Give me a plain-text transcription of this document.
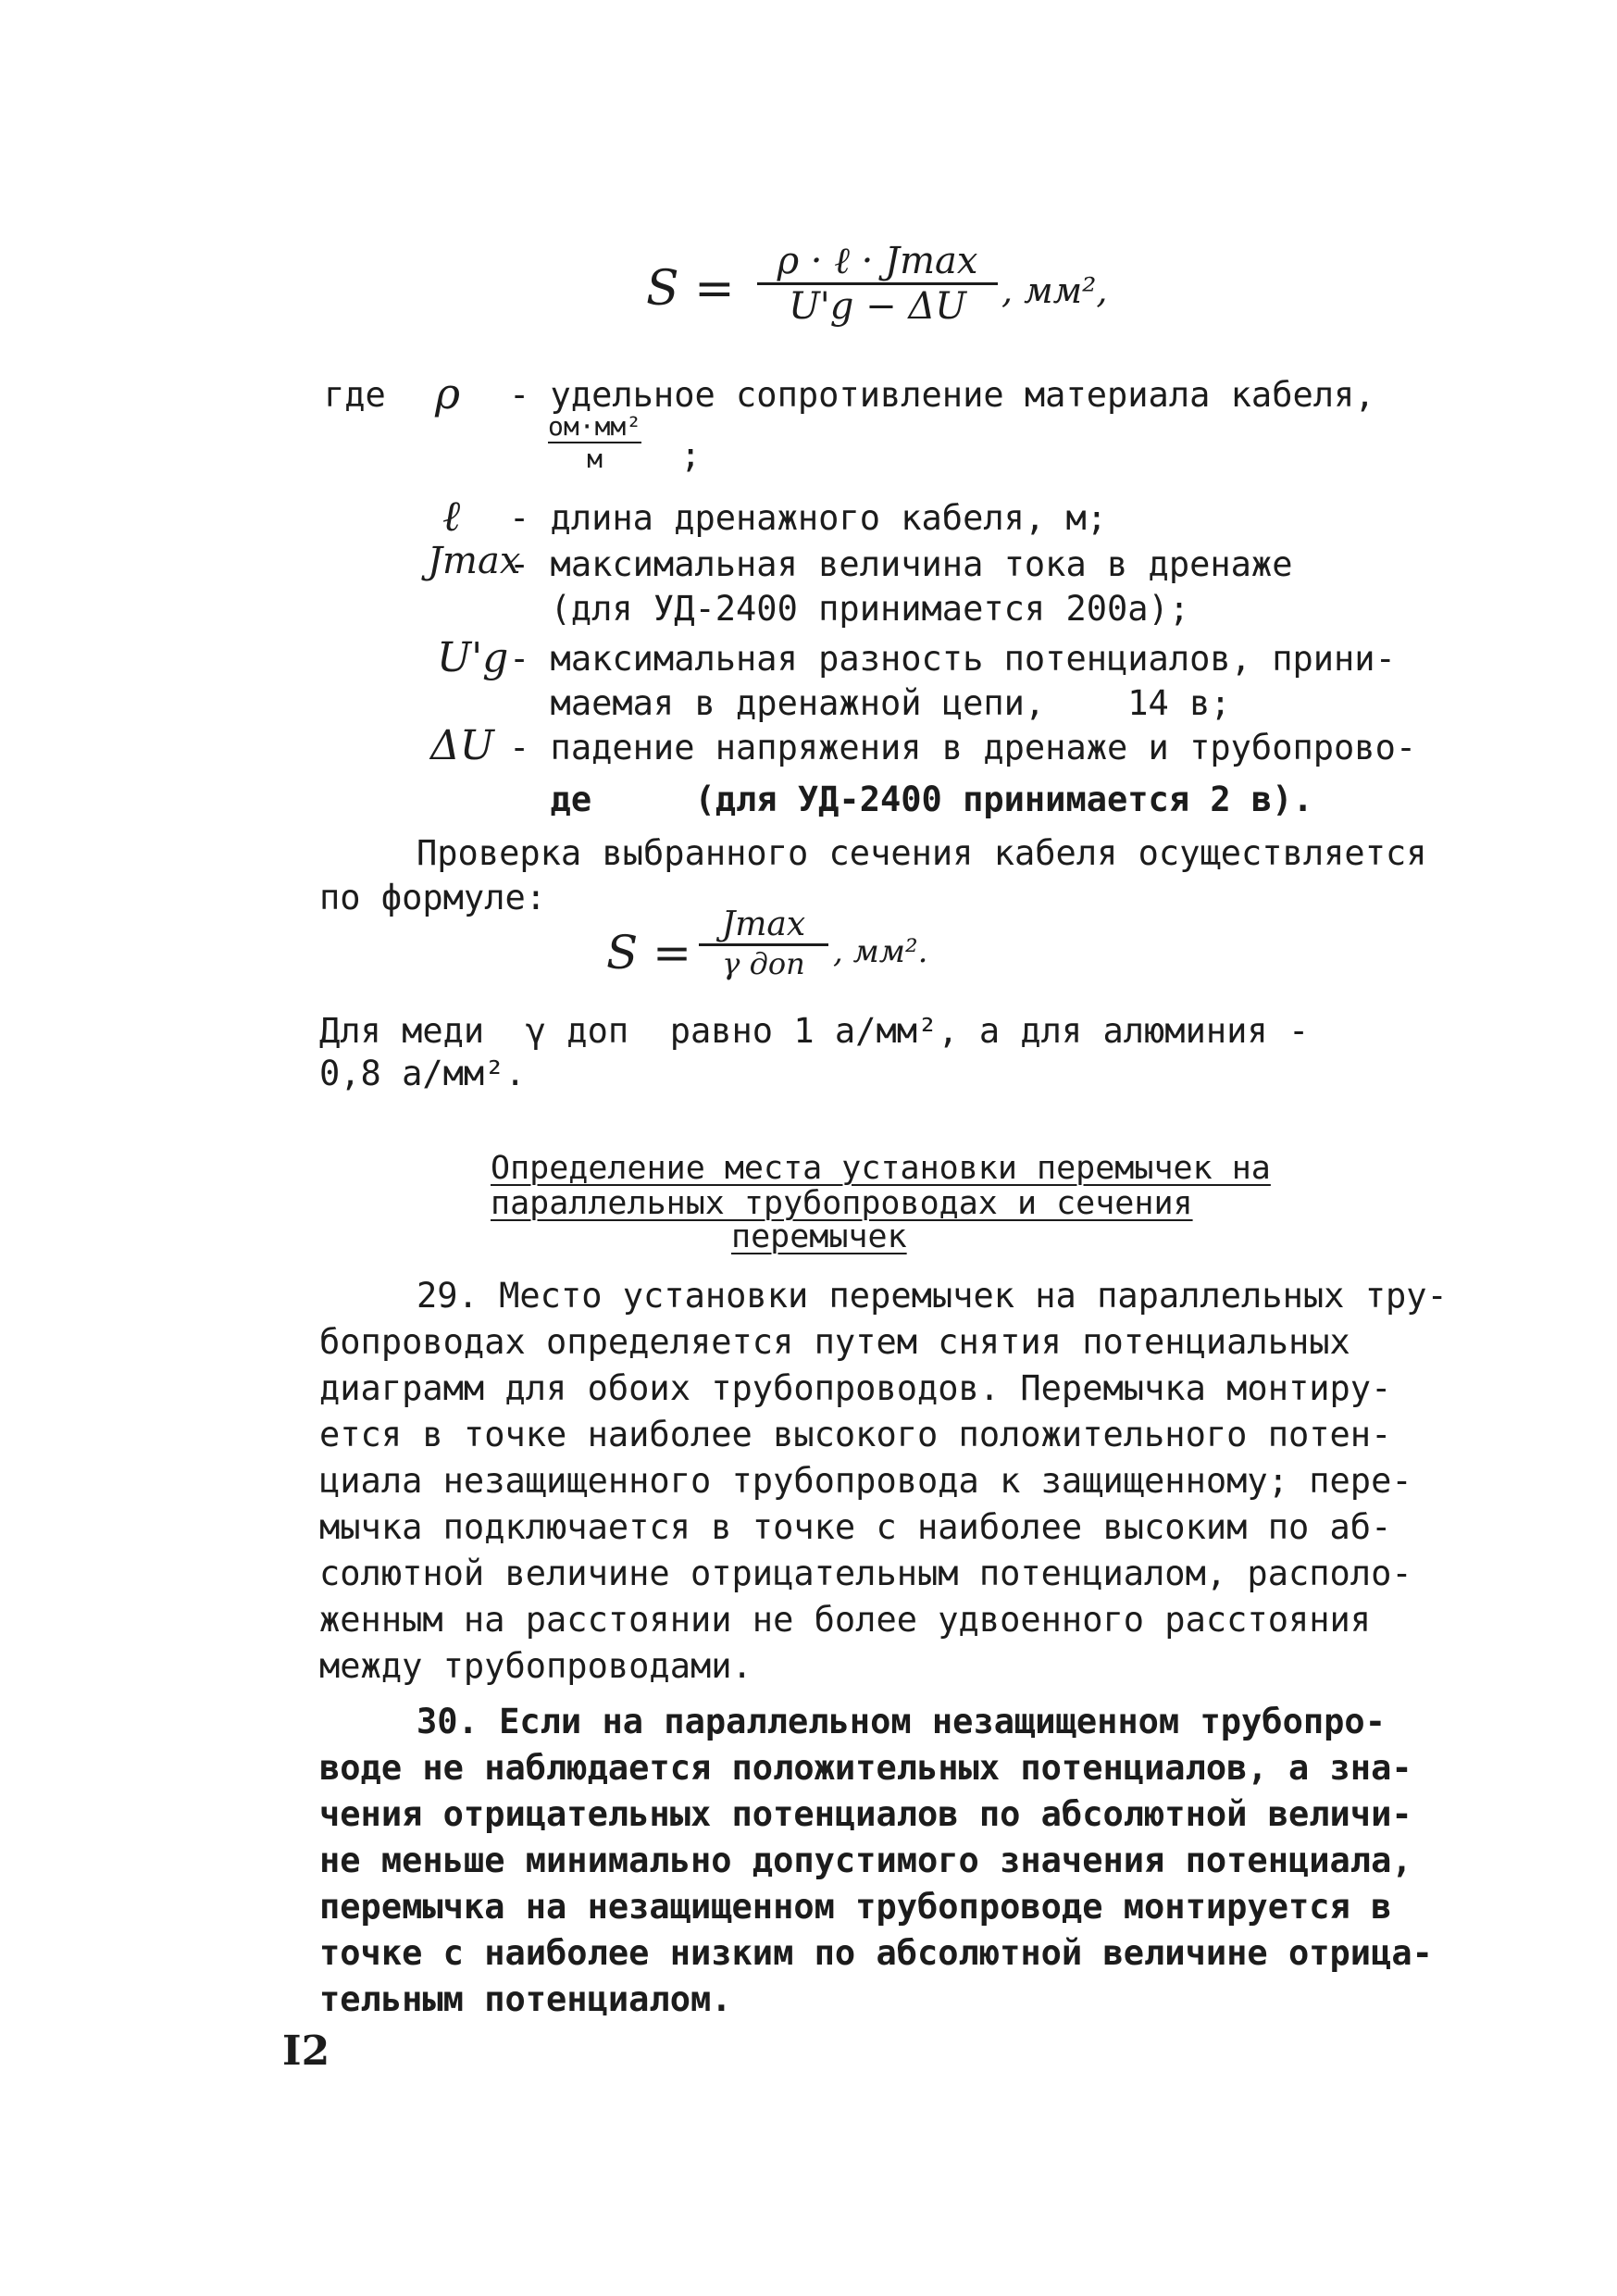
S = ρ · ℓ · Jmax
U'g − ΔU , мм²,
где ρ - удельное сопротивление материала кабеля,
ом·мм²
м ;
ℓ - длина дренажного кабеля, м;
Jmax
- максимальная величина тока в дренаже
(для УД-2400 принимается 200а);
U'g - максимальная разность потенциалов, прини-
маемая в дренажной цепи,    14 в;
ΔU - падение напряжения в дренаже и трубопрово-
де     (для УД-2400 принимается 2 в).
Проверка выбранного сечения кабеля осуществляется
по формуле:
S =
Jmax
γ доп , мм².
Для меди  γ доп  равно 1 а/мм², а для алюминия -
0,8 а/мм².
Определение места установки перемычек на
параллельных трубопроводах и сечения
перемычек
29. Место установки перемычек на параллельных тру-
бопроводах определяется путем снятия потенциальных
диаграмм для обоих трубопроводов. Перемычка монтиру-
ется в точке наиболее высокого положительного потен-
циала незащищенного трубопровода к защищенному; пере-
мычка подключается в точке с наиболее высоким по аб-
солютной величине отрицательным потенциалом, располо-
женным на расстоянии не более удвоенного расстояния
между трубопроводами.
30. Если на параллельном незащищенном трубопро-
воде не наблюдается положительных потенциалов, а зна-
чения отрицательных потенциалов по абсолютной величи-
не меньше минимально допустимого значения потенциала,
перемычка на незащищенном трубопроводе монтируется в
точке с наиболее низким по абсолютной величине отрица-
тельным потенциалом.
I2
